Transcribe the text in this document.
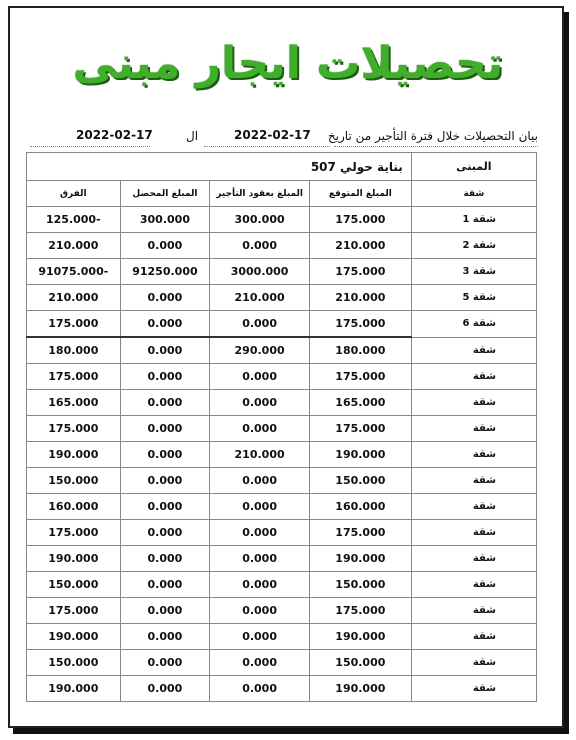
تحصيلات ايجار مبنى
بيان التحصيلات خلال فترة التأجير من تاريخ
2022-02-17
ال
2022-02-17
بناية حولي 507				المبنى
الفرق	المبلغ المحصل	المبلغ بعقود التأجير	المبلغ المتوقع	شقة
125.000-	300.000	300.000	175.000	شقة 1
210.000	0.000	0.000	210.000	شقة 2
91075.000-	91250.000	3000.000	175.000	شقة 3
210.000	0.000	210.000	210.000	شقة 5
175.000	0.000	0.000	175.000	شقة 6
180.000	0.000	290.000	180.000	شقة
175.000	0.000	0.000	175.000	شقة
165.000	0.000	0.000	165.000	شقة
175.000	0.000	0.000	175.000	شقة
190.000	0.000	210.000	190.000	شقة
150.000	0.000	0.000	150.000	شقة
160.000	0.000	0.000	160.000	شقة
175.000	0.000	0.000	175.000	شقة
190.000	0.000	0.000	190.000	شقة
150.000	0.000	0.000	150.000	شقة
175.000	0.000	0.000	175.000	شقة
190.000	0.000	0.000	190.000	شقة
150.000	0.000	0.000	150.000	شقة
190.000	0.000	0.000	190.000	شقة
